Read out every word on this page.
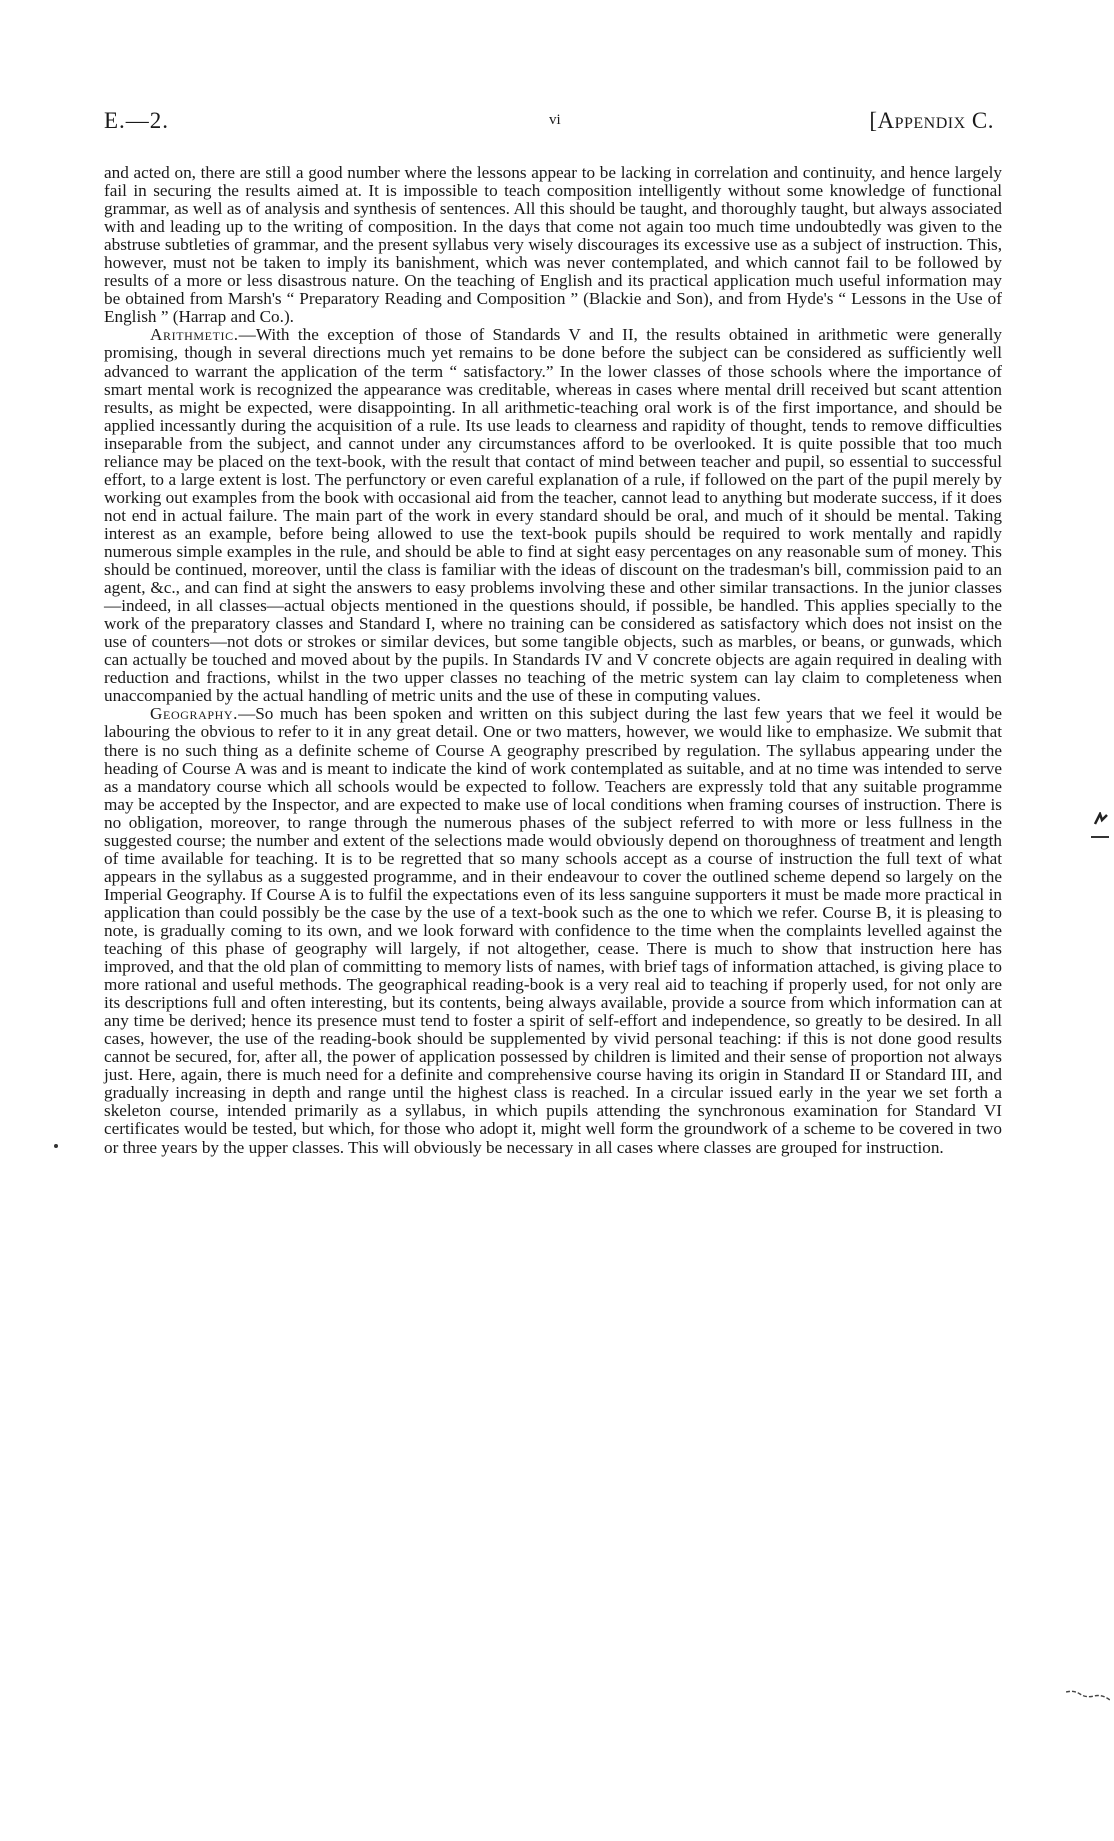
E.—2.	vi	[Appendix C.

and acted on, there are still a good number where the lessons appear to be lacking in correlation and continuity, and hence largely fail in securing the results aimed at. It is impossible to teach composition intelligently without some knowledge of functional grammar, as well as of analysis and synthesis of sentences. All this should be taught, and thoroughly taught, but always associated with and leading up to the writing of composition. In the days that come not again too much time undoubtedly was given to the abstruse subtleties of grammar, and the present syllabus very wisely discourages its excessive use as a subject of instruction. This, however, must not be taken to imply its banishment, which was never contemplated, and which cannot fail to be followed by results of a more or less disastrous nature. On the teaching of English and its practical application much useful information may be obtained from Marsh's “ Preparatory Reading and Composition ” (Blackie and Son), and from Hyde's “ Lessons in the Use of English ” (Harrap and Co.).

Arithmetic.—With the exception of those of Standards V and II, the results obtained in arithmetic were generally promising, though in several directions much yet remains to be done before the subject can be considered as sufficiently well advanced to warrant the application of the term “ satisfactory.” In the lower classes of those schools where the importance of smart mental work is recognized the appearance was creditable, whereas in cases where mental drill received but scant attention results, as might be expected, were disappointing. In all arithmetic-teaching oral work is of the first importance, and should be applied incessantly during the acquisition of a rule. Its use leads to clearness and rapidity of thought, tends to remove difficulties inseparable from the subject, and cannot under any circumstances afford to be overlooked. It is quite possible that too much reliance may be placed on the text-book, with the result that contact of mind between teacher and pupil, so essential to successful effort, to a large extent is lost. The perfunctory or even careful explanation of a rule, if followed on the part of the pupil merely by working out examples from the book with occasional aid from the teacher, cannot lead to anything but moderate success, if it does not end in actual failure. The main part of the work in every standard should be oral, and much of it should be mental. Taking interest as an example, before being allowed to use the text-book pupils should be required to work mentally and rapidly numerous simple examples in the rule, and should be able to find at sight easy percentages on any reasonable sum of money. This should be continued, moreover, until the class is familiar with the ideas of discount on the tradesman's bill, commission paid to an agent, &c., and can find at sight the answers to easy problems involving these and other similar transactions. In the junior classes—indeed, in all classes—actual objects mentioned in the questions should, if possible, be handled. This applies specially to the work of the preparatory classes and Standard I, where no training can be considered as satisfactory which does not insist on the use of counters—not dots or strokes or similar devices, but some tangible objects, such as marbles, or beans, or gunwads, which can actually be touched and moved about by the pupils. In Standards IV and V concrete objects are again required in dealing with reduction and fractions, whilst in the two upper classes no teaching of the metric system can lay claim to completeness when unaccompanied by the actual handling of metric units and the use of these in computing values.

Geography.—So much has been spoken and written on this subject during the last few years that we feel it would be labouring the obvious to refer to it in any great detail. One or two matters, however, we would like to emphasize. We submit that there is no such thing as a definite scheme of Course A geography prescribed by regulation. The syllabus appearing under the heading of Course A was and is meant to indicate the kind of work contemplated as suitable, and at no time was intended to serve as a mandatory course which all schools would be expected to follow. Teachers are expressly told that any suitable programme may be accepted by the Inspector, and are expected to make use of local conditions when framing courses of instruction. There is no obligation, moreover, to range through the numerous phases of the subject referred to with more or less fullness in the suggested course; the number and extent of the selections made would obviously depend on thoroughness of treatment and length of time available for teaching. It is to be regretted that so many schools accept as a course of instruction the full text of what appears in the syllabus as a suggested programme, and in their endeavour to cover the outlined scheme depend so largely on the Imperial Geography. If Course A is to fulfil the expectations even of its less sanguine supporters it must be made more practical in application than could possibly be the case by the use of a text-book such as the one to which we refer. Course B, it is pleasing to note, is gradually coming to its own, and we look forward with confidence to the time when the complaints levelled against the teaching of this phase of geography will largely, if not altogether, cease. There is much to show that instruction here has improved, and that the old plan of committing to memory lists of names, with brief tags of information attached, is giving place to more rational and useful methods. The geographical reading-book is a very real aid to teaching if properly used, for not only are its descriptions full and often interesting, but its contents, being always available, provide a source from which information can at any time be derived; hence its presence must tend to foster a spirit of self-effort and independence, so greatly to be desired. In all cases, however, the use of the reading-book should be supplemented by vivid personal teaching: if this is not done good results cannot be secured, for, after all, the power of application possessed by children is limited and their sense of proportion not always just. Here, again, there is much need for a definite and comprehensive course having its origin in Standard II or Standard III, and gradually increasing in depth and range until the highest class is reached. In a circular issued early in the year we set forth a skeleton course, intended primarily as a syllabus, in which pupils attending the synchronous examination for Standard VI certificates would be tested, but which, for those who adopt it, might well form the groundwork of a scheme to be covered in two or three years by the upper classes. This will obviously be necessary in all cases where classes are grouped for instruction.
